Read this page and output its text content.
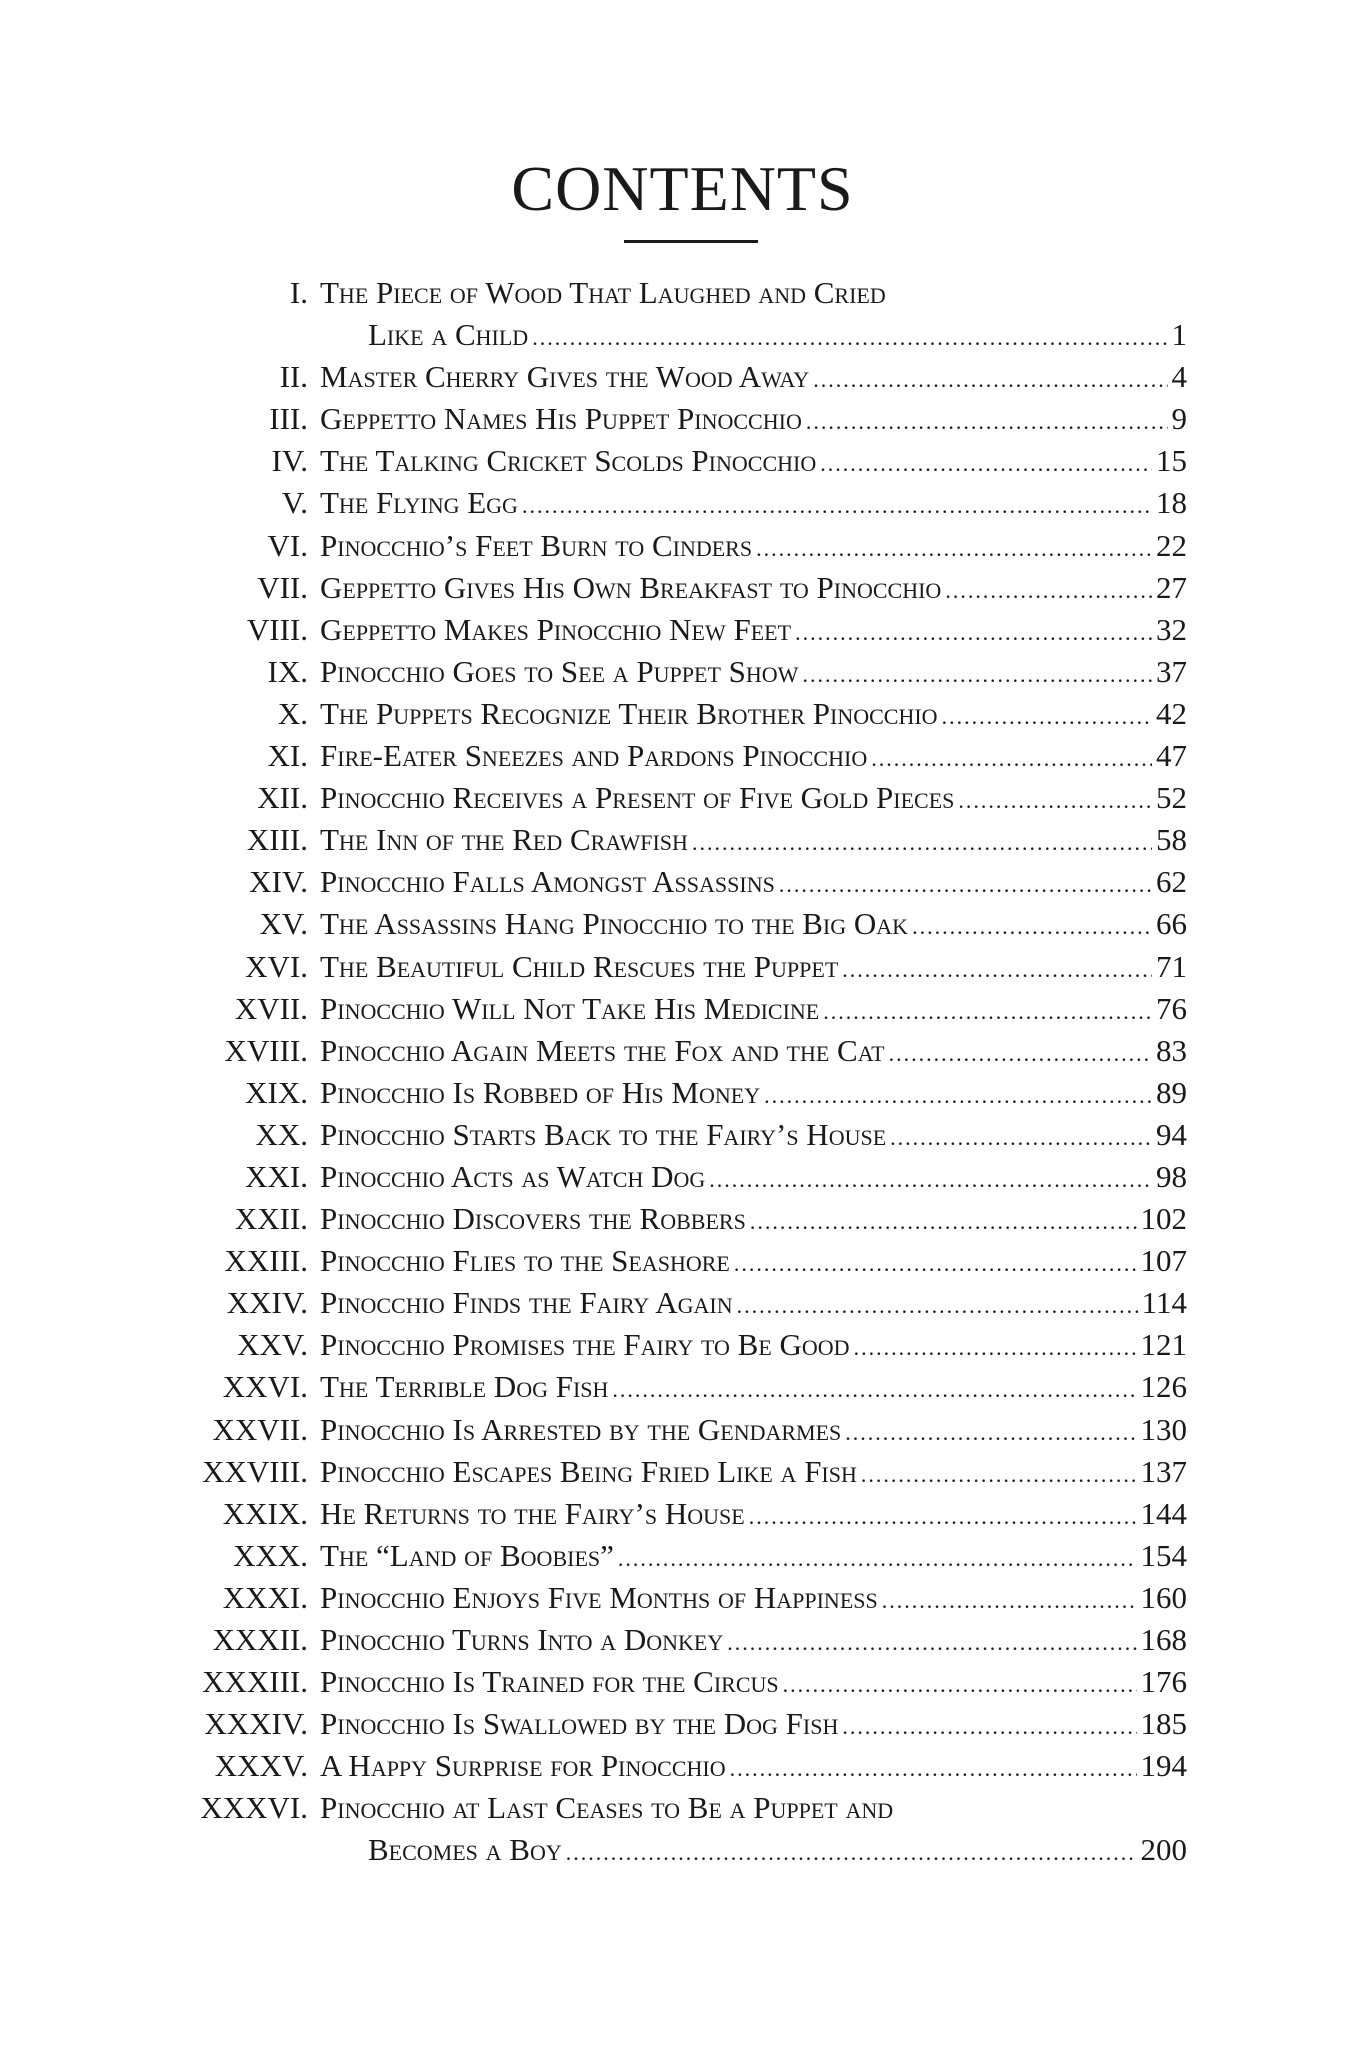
CONTENTS
I. The Piece of Wood That Laughed and Cried
Like a Child .....	1
II. Master Cherry Gives the Wood Away .....	4
III. Geppetto Names His Puppet Pinocchio .....	9
IV. The Talking Cricket Scolds Pinocchio .....	15
V. The Flying Egg .....	18
VI. Pinocchio’s Feet Burn to Cinders .....	22
VII. Geppetto Gives His Own Breakfast to Pinocchio .....	27
VIII. Geppetto Makes Pinocchio New Feet .....	32
IX. Pinocchio Goes to See a Puppet Show .....	37
X. The Puppets Recognize Their Brother Pinocchio .....	42
XI. Fire-Eater Sneezes and Pardons Pinocchio .....	47
XII. Pinocchio Receives a Present of Five Gold Pieces .....	52
XIII. The Inn of the Red Crawfish .....	58
XIV. Pinocchio Falls Amongst Assassins .....	62
XV. The Assassins Hang Pinocchio to the Big Oak .....	66
XVI. The Beautiful Child Rescues the Puppet .....	71
XVII. Pinocchio Will Not Take His Medicine .....	76
XVIII. Pinocchio Again Meets the Fox and the Cat .....	83
XIX. Pinocchio Is Robbed of His Money .....	89
XX. Pinocchio Starts Back to the Fairy’s House .....	94
XXI. Pinocchio Acts as Watch Dog .....	98
XXII. Pinocchio Discovers the Robbers .....	102
XXIII. Pinocchio Flies to the Seashore .....	107
XXIV. Pinocchio Finds the Fairy Again .....	114
XXV. Pinocchio Promises the Fairy to Be Good .....	121
XXVI. The Terrible Dog Fish .....	126
XXVII. Pinocchio Is Arrested by the Gendarmes .....	130
XXVIII. Pinocchio Escapes Being Fried Like a Fish .....	137
XXIX. He Returns to the Fairy’s House .....	144
XXX. The “Land of Boobies” .....	154
XXXI. Pinocchio Enjoys Five Months of Happiness .....	160
XXXII. Pinocchio Turns Into a Donkey .....	168
XXXIII. Pinocchio Is Trained for the Circus .....	176
XXXIV. Pinocchio Is Swallowed by the Dog Fish .....	185
XXXV. A Happy Surprise for Pinocchio .....	194
XXXVI. Pinocchio at Last Ceases to Be a Puppet and
Becomes a Boy .....	200
